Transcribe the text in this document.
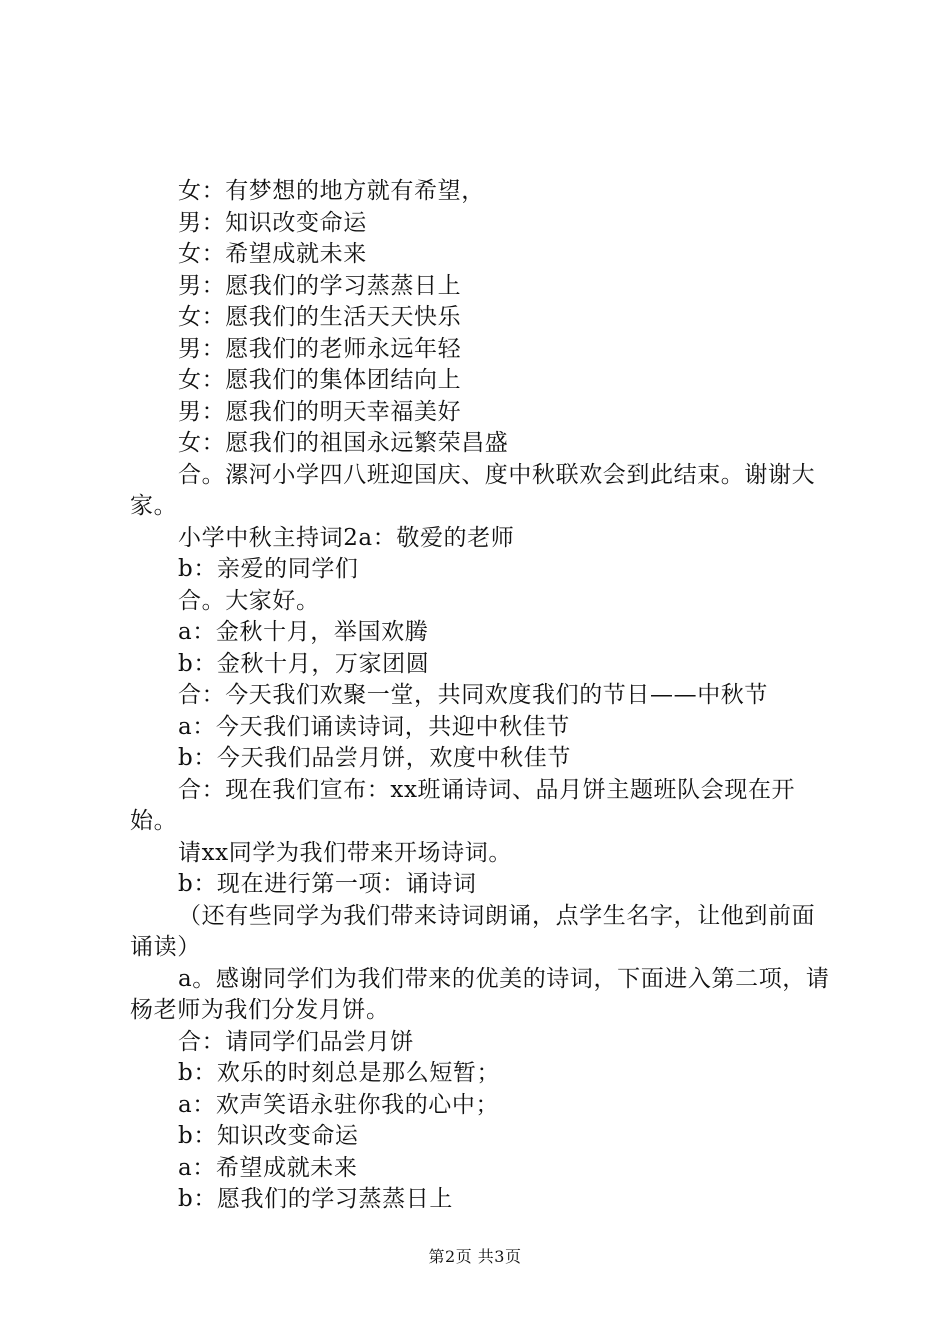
女：有梦想的地方就有希望，

男：知识改变命运

女：希望成就未来

男：愿我们的学习蒸蒸日上

女：愿我们的生活天天快乐

男：愿我们的老师永远年轻

女：愿我们的集体团结向上

男：愿我们的明天幸福美好

女：愿我们的祖国永远繁荣昌盛

合。漯河小学四八班迎国庆、度中秋联欢会到此结束。谢谢大家。

小学中秋主持词2a：敬爱的老师

b：亲爱的同学们

合。大家好。

a：金秋十月，举国欢腾

b：金秋十月，万家团圆

合：今天我们欢聚一堂，共同欢度我们的节日——中秋节

a：今天我们诵读诗词，共迎中秋佳节

b：今天我们品尝月饼，欢度中秋佳节

合：现在我们宣布：xx班诵诗词、品月饼主题班队会现在开始。

请xx同学为我们带来开场诗词。

b：现在进行第一项：诵诗词

（还有些同学为我们带来诗词朗诵，点学生名字，让他到前面诵读）

a。感谢同学们为我们带来的优美的诗词，下面进入第二项，请杨老师为我们分发月饼。

合：请同学们品尝月饼

b：欢乐的时刻总是那么短暂；

a：欢声笑语永驻你我的心中；

b：知识改变命运

a：希望成就未来

b：愿我们的学习蒸蒸日上

第2页 共3页
